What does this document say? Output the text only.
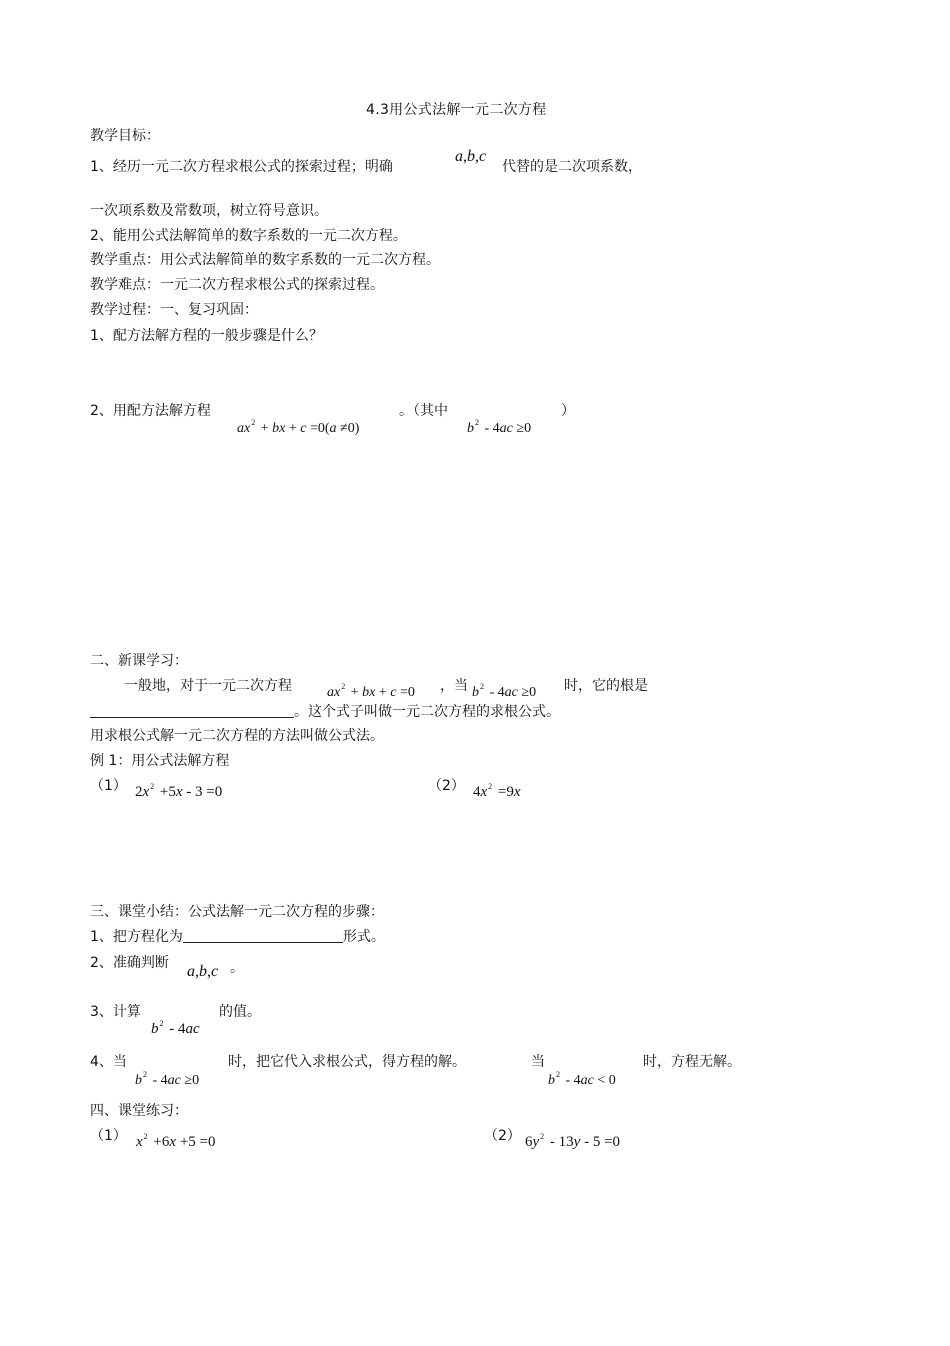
4.3用公式法解一元二次方程
教学目标：
1、经历一元二次方程求根公式的探索过程；明确
a,b,c
代替的是二次项系数，
一次项系数及常数项，树立符号意识。
2、能用公式法解简单的数字系数的一元二次方程。
教学重点：用公式法解简单的数字系数的一元二次方程。
教学难点：一元二次方程求根公式的探索过程。
教学过程：一、复习巩固：
1、配方法解方程的一般步骤是什么？
2、用配方法解方程
$ax^2$ + bx + c =0(a ≠0)
。（其中
$b^2 - 4ac \ge 0$
）
二、新课学习：
一般地，对于一元二次方程	$ax^2$ + bx + c =0 ，当 $b^2 - 4ac \ge 0$ 时，它的根是
。这个式子叫做一元二次方程的求根公式。
用求根公式解一元二次方程的方法叫做公式法。
例 1：用公式法解方程
（1） $2x^2 +5x - 3 =0$	（2） $4x^2 =9x$
三、课堂小结：公式法解一元二次方程的步骤：
1、把方程化为	形式。
2、准确判断 a,b,c 。
3、计算
$b^2 - 4ac$
的值。
4、当
$b^2 - 4ac \ge 0$
时，把它代入求根公式，得方程的解。	当
$b^2 - 4ac < 0$
时，方程无解。
四、课堂练习：
（1） $x^2 +6x +5 =0$	（2） $6y^2 - 13y - 5 =0$
